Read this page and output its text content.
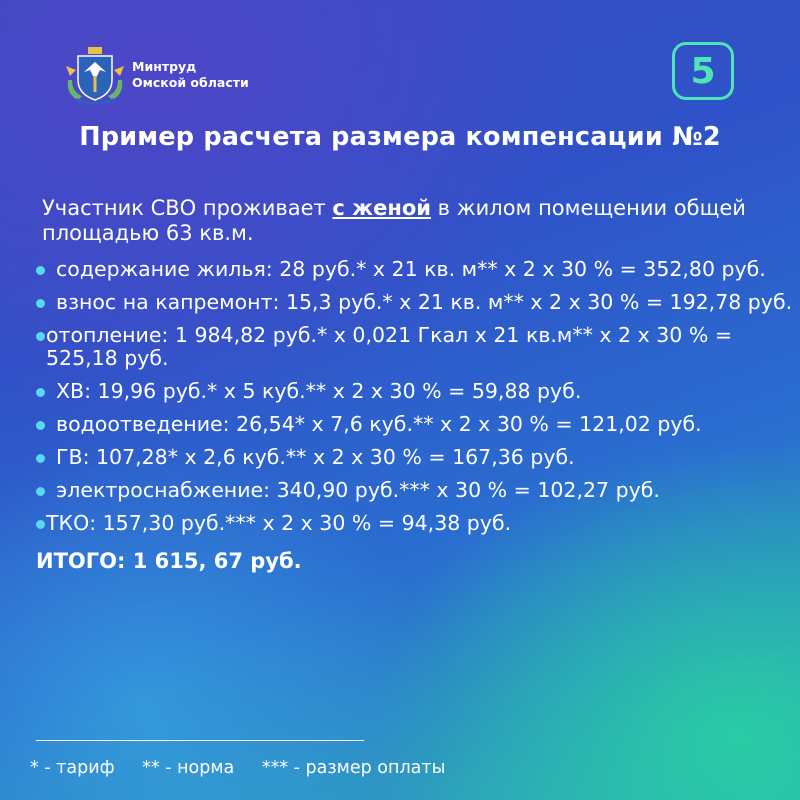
Минтруд
Омской области	5
Пример расчета размера компенсации №2
Участник СВО проживает с женой в жилом помещении общей площадью 63 кв.м.
содержание жилья: 28 руб.* x 21 кв. м** x 2 x 30 % = 352,80 руб.
взнос на капремонт: 15,3 руб.* x 21 кв. м** x 2 x 30 % = 192,78 руб.
отопление: 1 984,82 руб.* x 0,021 Гкал x 21 кв.м** x 2 x 30 % = 525,18 руб.
ХВ: 19,96 руб.* x 5 куб.** x 2 x 30 % = 59,88 руб.
водоотведение: 26,54* x 7,6 куб.** x 2 x 30 % = 121,02 руб.
ГВ: 107,28* x 2,6 куб.** x 2 x 30 % = 167,36 руб.
электроснабжение: 340,90 руб.*** x 30 % = 102,27 руб.
ТКО: 157,30 руб.*** x 2 x 30 % = 94,38 руб.
ИТОГО: 1 615, 67 руб.
* - тариф ** - норма *** - размер оплаты
